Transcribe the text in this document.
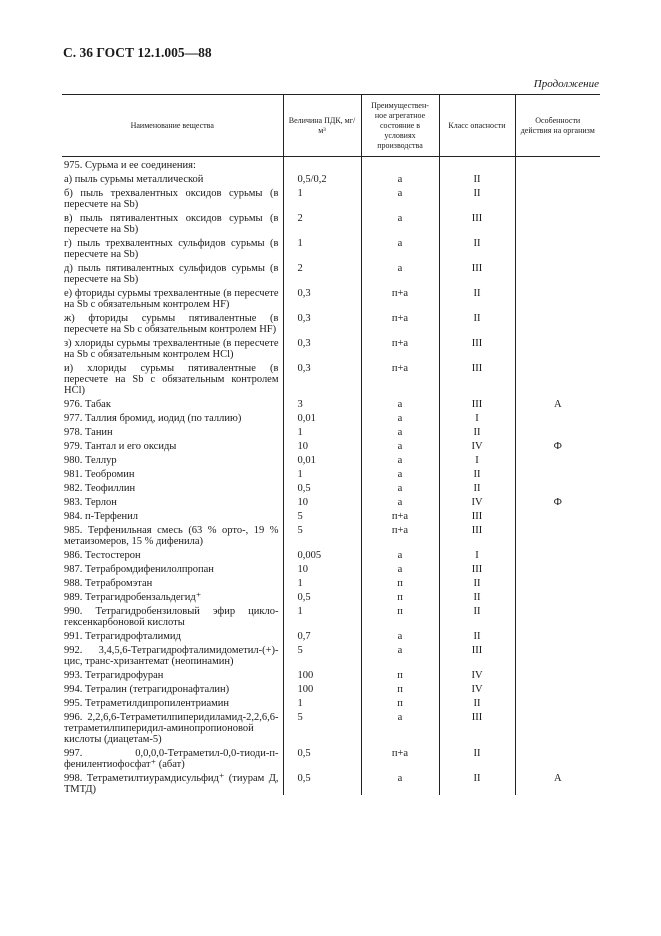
С. 36 ГОСТ 12.1.005—88
Продолжение
Наименование вещества	Величина ПДК, мг/м³	Преимуществен-ное агрегатное состояние в условиях производства	Класс опасности	Особенности действия на организм
975. Сурьма и ее соединения:				
а) пыль сурьмы металлической	0,5/0,2	а	II	
б) пыль трехвалентных оксидов сурьмы (в пересчете на Sb)	1	а	II	
в) пыль пятивалентных оксидов сурьмы (в пересчете на Sb)	2	а	III	
г) пыль трехвалентных сульфидов сурьмы (в пересчете на Sb)	1	а	II	
д) пыль пятивалентных сульфидов сурьмы (в пересчете на Sb)	2	а	III	
е) фториды сурьмы трехвалентные (в пересчете на Sb с обязательным контролем HF)	0,3	п+а	II	
ж) фториды сурьмы пятивалентные (в пересчете на Sb с обязательным контролем HF)	0,3	п+а	II	
з) хлориды сурьмы трехвалентные (в пересчете на Sb с обязательным контролем HCl)	0,3	п+а	III	
и) хлориды сурьмы пятивалентные (в пересчете на Sb с обязательным контролем HCl)	0,3	п+а	III	
976. Табак	3	а	III	А
977. Таллия бромид, иодид (по таллию)	0,01	а	I	
978. Танин	1	а	II	
979. Тантал и его оксиды	10	а	IV	Ф
980. Теллур	0,01	а	I	
981. Теобромин	1	а	II	
982. Теофиллин	0,5	а	II	
983. Терлон	10	а	IV	Ф
984. п-Терфенил	5	п+а	III	
985. Терфенильная смесь (63 % орто-, 19 % метаизомеров, 15 % дифенила)	5	п+а	III	
986. Тестостерон	0,005	а	I	
987. Тетрабромдифенилолпропан	10	а	III	
988. Тетрабромэтан	1	п	II	
989. Тетрагидробензальдегид⁺	0,5	п	II	
990. Тетрагидробензиловый эфир цикло-гексенкарбоновой кислоты	1	п	II	
991. Тетрагидрофталимид	0,7	а	II	
992. 3,4,5,6-Тетрагидрофталимидометил-(+)-цис, транс-хризантемат (неопинамин)	5	а	III	
993. Тетрагидрофуран	100	п	IV	
994. Тетралин (тетрагидронафталин)	100	п	IV	
995. Тетраметилдипропилентриамин	1	п	II	
996. 2,2,6,6-Тетраметилпиперидиламид-2,2,6,6-тетраметилпиперидил-аминопропионовой кислоты (диацетам-5)	5	а	III	
997. 0,0,0,0-Тетраметил-0,0-тиоди-п-фенилентиофосфат⁺ (абат)	0,5	п+а	II	
998. Тетраметилтиурамдисульфид⁺ (тиурам Д, ТМТД)	0,5	а	II	А
